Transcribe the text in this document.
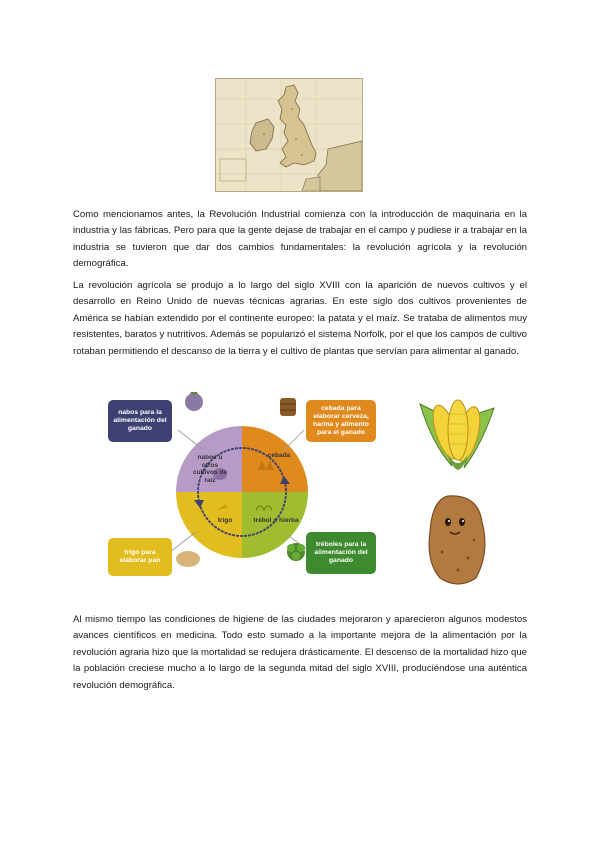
Como mencionamos antes, la Revolución Industrial comienza con la introducción de maquinaria en la industria y las fábricas. Pero para que la gente dejase de trabajar en el campo y pudiese ir a trabajar en la industria se tuvieron que dar dos cambios fundamentales: la revolución agrícola y la revolución demográfica.

La revolución agrícola se produjo a lo largo del siglo XVIII con la aparición de nuevos cultivos y el desarrollo en Reino Unido de nuevas técnicas agrarias. En este siglo dos cultivos provenientes de América se habían extendido por el continente europeo: la patata y el maíz. Se trataba de alimentos muy resistentes, baratos y nutritivos. Además se popularizó el sistema Norfolk, por el que los campos de cultivo rotaban permitiendo el descanso de la tierra y el cultivo de plantas que servían para alimentar al ganado.

nabos para la alimentación del ganado
cebada para elaborar cerveza, harina y alimento para el ganado
trigo para elaborar pan
tréboles para la alimentación del ganado
nabos u otros cultivos de raíz
cebada
trigo	trébol o hierba

Al mismo tiempo las condiciones de higiene de las ciudades mejoraron y aparecieron algunos modestos avances científicos en medicina. Todo esto sumado a la importante mejora de la alimentación por la revolución agraria hizo que la mortalidad se redujera drásticamente. El descenso de la mortalidad hizo que la población creciese mucho a lo largo de la segunda mitad del siglo XVIII, produciéndose una auténtica revolución demográfica.
